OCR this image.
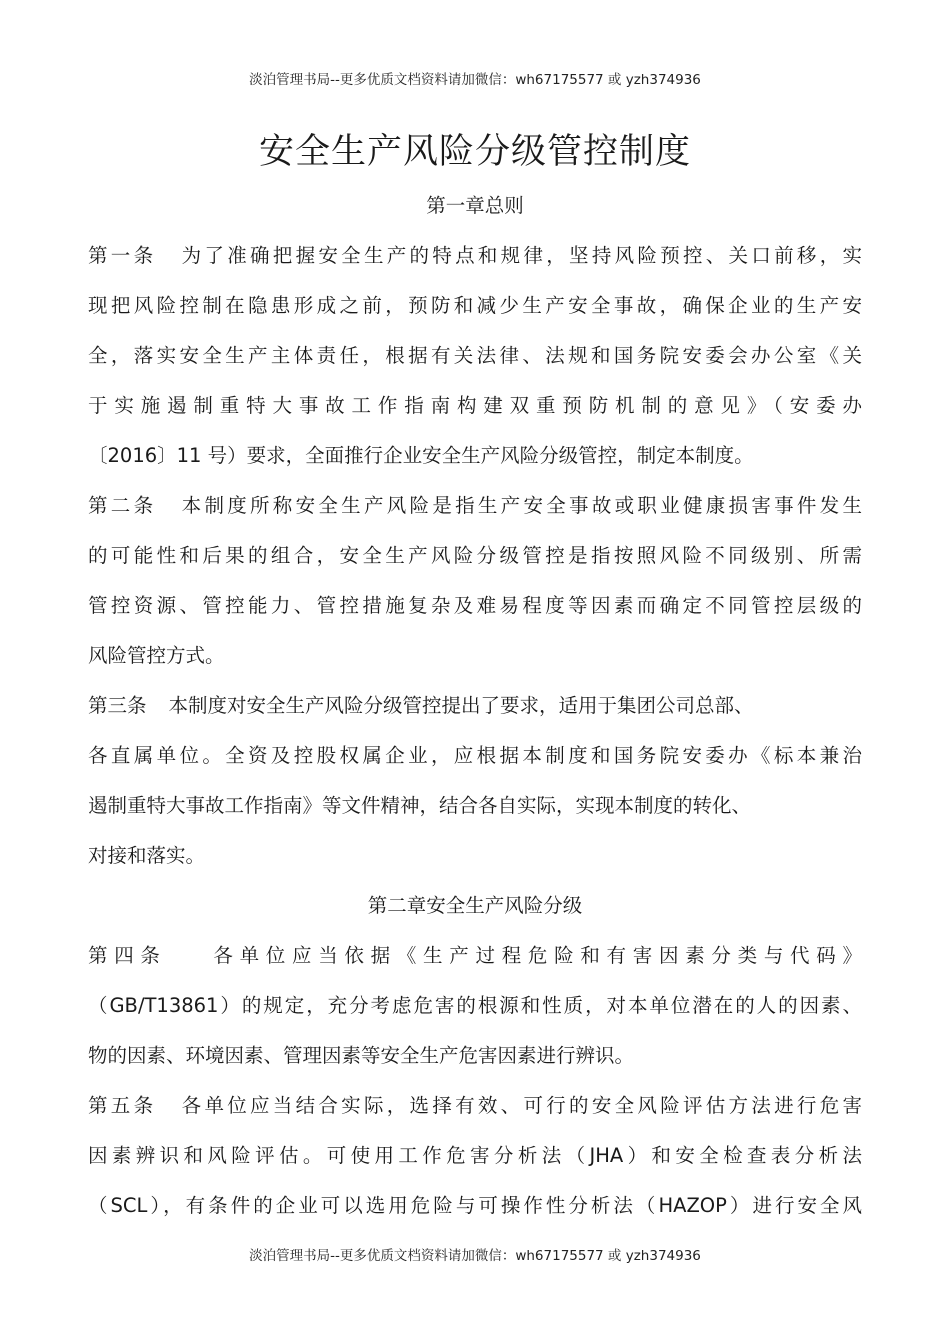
淡泊管理书局--更多优质文档资料请加微信：wh67175577 或 yzh374936
安全生产风险分级管控制度
第一章总则
第一条 为了准确把握安全生产的特点和规律，坚持风险预控、关口前移，实
现把风险控制在隐患形成之前，预防和减少生产安全事故，确保企业的生产安
全，落实安全生产主体责任，根据有关法律、法规和国务院安委会办公室《关
于实施遏制重特大事故工作指南构建双重预防机制的意见》（安委办
〔2016〕11 号）要求，全面推行企业安全生产风险分级管控，制定本制度。
第二条 本制度所称安全生产风险是指生产安全事故或职业健康损害事件发生
的可能性和后果的组合，安全生产风险分级管控是指按照风险不同级别、所需
管控资源、管控能力、管控措施复杂及难易程度等因素而确定不同管控层级的
风险管控方式。
第三条 本制度对安全生产风险分级管控提出了要求，适用于集团公司总部、
各直属单位。全资及控股权属企业，应根据本制度和国务院安委办《标本兼治
遏制重特大事故工作指南》等文件精神，结合各自实际，实现本制度的转化、
对接和落实。
第二章安全生产风险分级
第四条 各单位应当依据《生产过程危险和有害因素分类与代码》
（GB/T13861）的规定，充分考虑危害的根源和性质，对本单位潜在的人的因素、
物的因素、环境因素、管理因素等安全生产危害因素进行辨识。
第五条 各单位应当结合实际，选择有效、可行的安全风险评估方法进行危害
因素辨识和风险评估。可使用工作危害分析法（JHA）和安全检查表分析法
（SCL），有条件的企业可以选用危险与可操作性分析法（HAZOP）进行安全风
淡泊管理书局--更多优质文档资料请加微信：wh67175577 或 yzh374936
